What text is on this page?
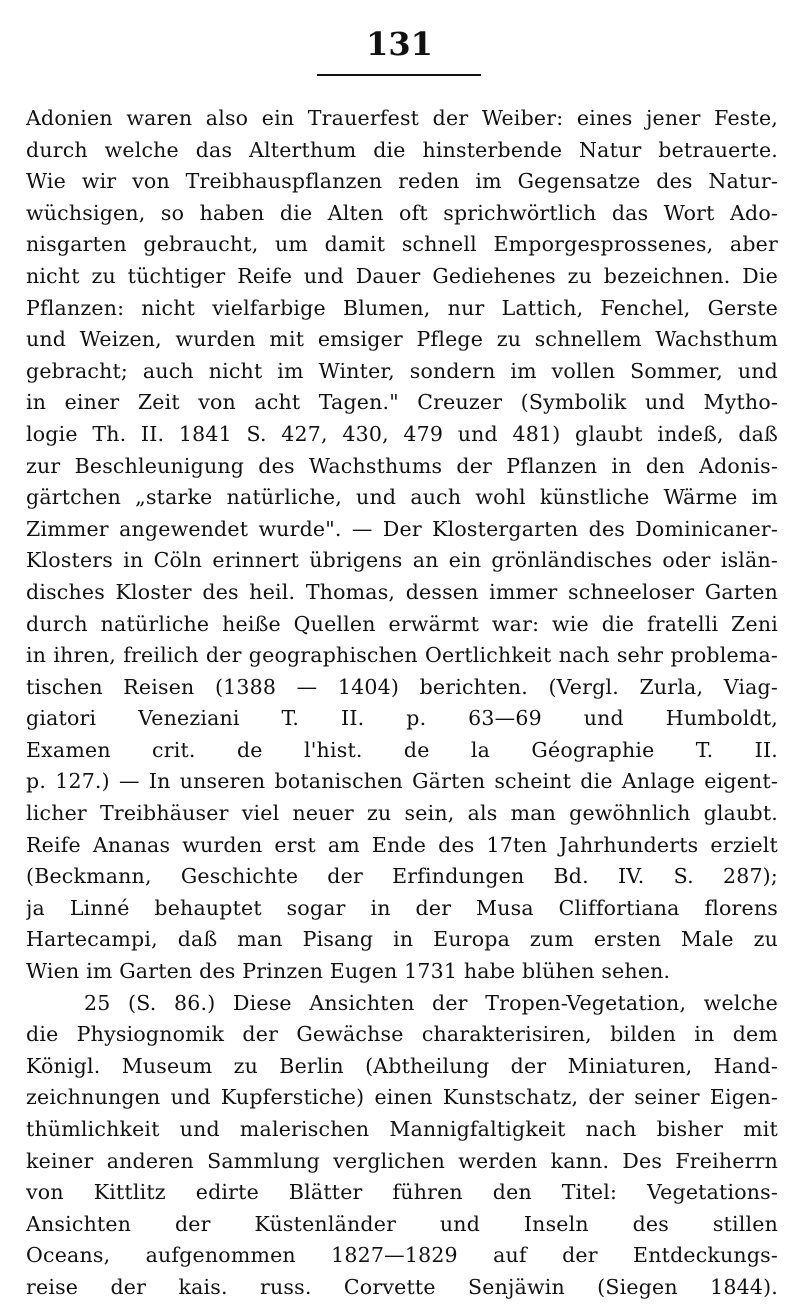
131
Adonien waren also ein Trauerfest der Weiber: eines jener Feste,
durch welche das Alterthum die hinsterbende Natur betrauerte.
Wie wir von Treibhauspflanzen reden im Gegensatze des Natur-
wüchsigen, so haben die Alten oft sprichwörtlich das Wort Ado-
nisgarten gebraucht, um damit schnell Emporgesprossenes, aber
nicht zu tüchtiger Reife und Dauer Gediehenes zu bezeichnen. Die
Pflanzen: nicht vielfarbige Blumen, nur Lattich, Fenchel, Gerste
und Weizen, wurden mit emsiger Pflege zu schnellem Wachsthum
gebracht; auch nicht im Winter, sondern im vollen Sommer, und
in einer Zeit von acht Tagen." Creuzer (Symbolik und Mytho-
logie Th. II. 1841 S. 427, 430, 479 und 481) glaubt indeß, daß
zur Beschleunigung des Wachsthums der Pflanzen in den Adonis-
gärtchen „starke natürliche, und auch wohl künstliche Wärme im
Zimmer angewendet wurde". — Der Klostergarten des Dominicaner-
Klosters in Cöln erinnert übrigens an ein grönländisches oder islän-
disches Kloster des heil. Thomas, dessen immer schneeloser Garten
durch natürliche heiße Quellen erwärmt war: wie die fratelli Zeni
in ihren, freilich der geographischen Oertlichkeit nach sehr problema-
tischen Reisen (1388 — 1404) berichten. (Vergl. Zurla, Viag-
giatori Veneziani T. II. p. 63—69 und Humboldt,
Examen crit. de l'hist. de la Géographie T. II.
p. 127.) — In unseren botanischen Gärten scheint die Anlage eigent-
licher Treibhäuser viel neuer zu sein, als man gewöhnlich glaubt.
Reife Ananas wurden erst am Ende des 17ten Jahrhunderts erzielt
(Beckmann, Geschichte der Erfindungen Bd. IV. S. 287);
ja Linné behauptet sogar in der Musa Cliffortiana florens
Hartecampi, daß man Pisang in Europa zum ersten Male zu
Wien im Garten des Prinzen Eugen 1731 habe blühen sehen.
25 (S. 86.) Diese Ansichten der Tropen-Vegetation, welche
die Physiognomik der Gewächse charakterisiren, bilden in dem
Königl. Museum zu Berlin (Abtheilung der Miniaturen, Hand-
zeichnungen und Kupferstiche) einen Kunstschatz, der seiner Eigen-
thümlichkeit und malerischen Mannigfaltigkeit nach bisher mit
keiner anderen Sammlung verglichen werden kann. Des Freiherrn
von Kittlitz edirte Blätter führen den Titel: Vegetations-
Ansichten der Küstenländer und Inseln des stillen
Oceans, aufgenommen 1827—1829 auf der Entdeckungs-
reise der kais. russ. Corvette Senjäwin (Siegen 1844).
